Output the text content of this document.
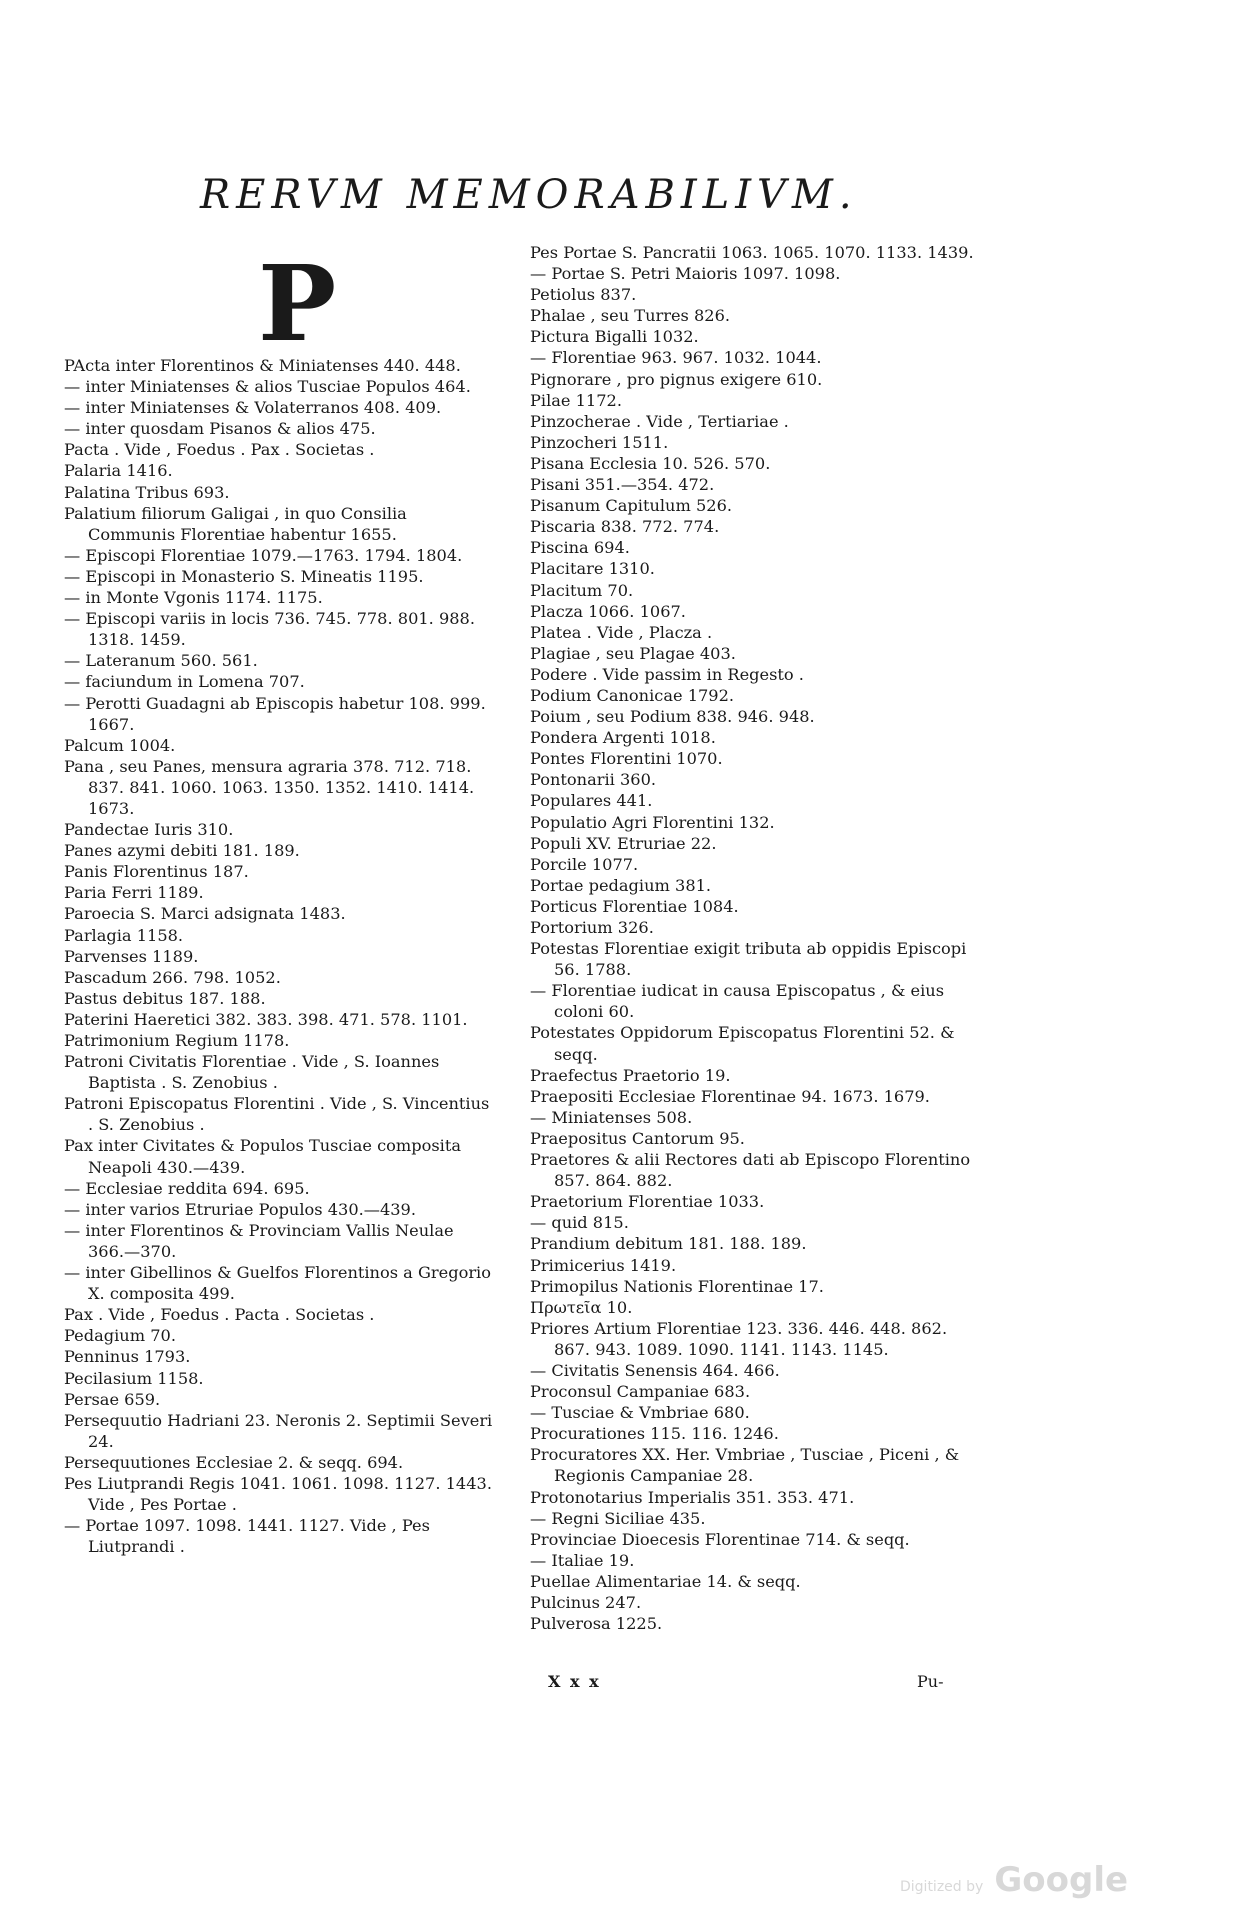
RERVM MEMORABILIVM.
P
PActa inter Florentinos & Miniatenses 440. 448.
— inter Miniatenses & alios Tusciae Populos 464.
— inter Miniatenses & Volaterranos 408. 409.
— inter quosdam Pisanos & alios 475.
Pacta . Vide , Foedus . Pax . Societas .
Palaria 1416.
Palatina Tribus 693.
Palatium filiorum Galigai , in quo Consilia Communis Florentiae habentur 1655.
— Episcopi Florentiae 1079.—1763. 1794. 1804.
— Episcopi in Monasterio S. Mineatis 1195.
— in Monte Vgonis 1174. 1175.
— Episcopi variis in locis 736. 745. 778. 801. 988. 1318. 1459.
— Lateranum 560. 561.
— faciundum in Lomena 707.
— Perotti Guadagni ab Episcopis habetur 108. 999. 1667.
Palcum 1004.
Pana , seu Panes, mensura agraria 378. 712. 718. 837. 841. 1060. 1063. 1350. 1352. 1410. 1414. 1673.
Pandectae Iuris 310.
Panes azymi debiti 181. 189.
Panis Florentinus 187.
Paria Ferri 1189.
Paroecia S. Marci adsignata 1483.
Parlagia 1158.
Parvenses 1189.
Pascadum 266. 798. 1052.
Pastus debitus 187. 188.
Paterini Haeretici 382. 383. 398. 471. 578. 1101.
Patrimonium Regium 1178.
Patroni Civitatis Florentiae . Vide , S. Ioannes Baptista . S. Zenobius .
Patroni Episcopatus Florentini . Vide , S. Vincentius . S. Zenobius .
Pax inter Civitates & Populos Tusciae composita Neapoli 430.—439.
— Ecclesiae reddita 694. 695.
— inter varios Etruriae Populos 430.—439.
— inter Florentinos & Provinciam Vallis Neulae 366.—370.
— inter Gibellinos & Guelfos Florentinos a Gregorio X. composita 499.
Pax . Vide , Foedus . Pacta . Societas .
Pedagium 70.
Penninus 1793.
Pecilasium 1158.
Persae 659.
Persequutio Hadriani 23. Neronis 2. Septimii Severi 24.
Persequutiones Ecclesiae 2. & seqq. 694.
Pes Liutprandi Regis 1041. 1061. 1098. 1127. 1443. Vide , Pes Portae .
— Portae 1097. 1098. 1441. 1127. Vide , Pes Liutprandi .
Pes Portae S. Pancratii 1063. 1065. 1070. 1133. 1439.
— Portae S. Petri Maioris 1097. 1098.
Petiolus 837.
Phalae , seu Turres 826.
Pictura Bigalli 1032.
— Florentiae 963. 967. 1032. 1044.
Pignorare , pro pignus exigere 610.
Pilae 1172.
Pinzocherae . Vide , Tertiariae .
Pinzocheri 1511.
Pisana Ecclesia 10. 526. 570.
Pisani 351.—354. 472.
Pisanum Capitulum 526.
Piscaria 838. 772. 774.
Piscina 694.
Placitare 1310.
Placitum 70.
Placza 1066. 1067.
Platea . Vide , Placza .
Plagiae , seu Plagae 403.
Podere . Vide passim in Regesto .
Podium Canonicae 1792.
Poium , seu Podium 838. 946. 948.
Pondera Argenti 1018.
Pontes Florentini 1070.
Pontonarii 360.
Populares 441.
Populatio Agri Florentini 132.
Populi XV. Etruriae 22.
Porcile 1077.
Portae pedagium 381.
Porticus Florentiae 1084.
Portorium 326.
Potestas Florentiae exigit tributa ab oppidis Episcopi 56. 1788.
— Florentiae iudicat in causa Episcopatus , & eius coloni 60.
Potestates Oppidorum Episcopatus Florentini 52. & seqq.
Praefectus Praetorio 19.
Praepositi Ecclesiae Florentinae 94. 1673. 1679.
— Miniatenses 508.
Praepositus Cantorum 95.
Praetores & alii Rectores dati ab Episcopo Florentino 857. 864. 882.
Praetorium Florentiae 1033.
— quid 815.
Prandium debitum 181. 188. 189.
Primicerius 1419.
Primopilus Nationis Florentinae 17.
Πρωτεῖα 10.
Priores Artium Florentiae 123. 336. 446. 448. 862. 867. 943. 1089. 1090. 1141. 1143. 1145.
— Civitatis Senensis 464. 466.
Proconsul Campaniae 683.
— Tusciae & Vmbriae 680.
Procurationes 115. 116. 1246.
Procuratores XX. Her. Vmbriae , Tusciae , Piceni , & Regionis Campaniae 28.
Protonotarius Imperialis 351. 353. 471.
— Regni Siciliae 435.
Provinciae Dioecesis Florentinae 714. & seqq.
— Italiae 19.
Puellae Alimentariae 14. & seqq.
Pulcinus 247.
Pulverosa 1225.
X x x	Pu-
Digitized by Google
